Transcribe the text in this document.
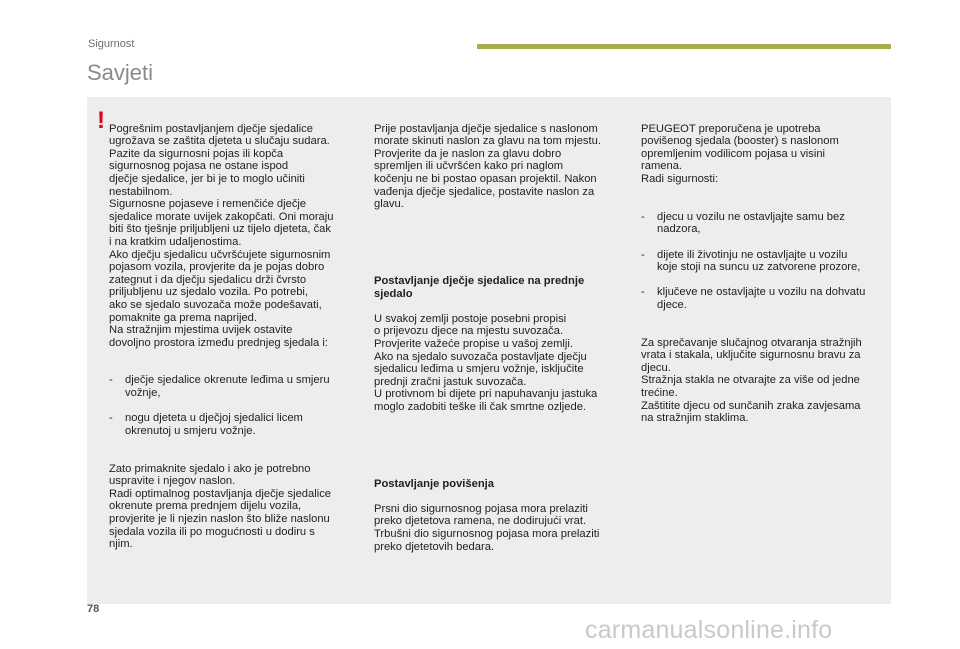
Sigurnost
Savjeti
! Pogrešnim postavljanjem dječje sjedalice
ugrožava se zaštita djeteta u slučaju sudara.
Pazite da sigurnosni pojas ili kopča
sigurnosnog pojasa ne ostane ispod
dječje sjedalice, jer bi je to moglo učiniti
nestabilnom.
Sigurnosne pojaseve i remenčiće dječje
sjedalice morate uvijek zakopčati. Oni moraju
biti što tješnje priljubljeni uz tijelo djeteta, čak
i na kratkim udaljenostima.
Ako dječju sjedalicu učvršćujete sigurnosnim
pojasom vozila, provjerite da je pojas dobro
zategnut i da dječju sjedalicu drži čvrsto
priljubljenu uz sjedalo vozila. Po potrebi,
ako se sjedalo suvozača može podešavati,
pomaknite ga prema naprijed.
Na stražnjim mjestima uvijek ostavite
dovoljno prostora između prednjeg sjedala i:

- dječje sjedalice okrenute leđima u smjeru
vožnje,

- nogu djeteta u dječjoj sjedalici licem
okrenutoj u smjeru vožnje.

Zato primaknite sjedalo i ako je potrebno
uspravite i njegov naslon.
Radi optimalnog postavljanja dječje sjedalice
okrenute prema prednjem dijelu vozila,
provjerite je li njezin naslon što bliže naslonu
sjedala vozila ili po mogućnosti u dodiru s
njim.

Prije postavljanja dječje sjedalice s naslonom
morate skinuti naslon za glavu na tom mjestu.
Provjerite da je naslon za glavu dobro
spremljen ili učvršćen kako pri naglom
kočenju ne bi postao opasan projektil. Nakon
vađenja dječje sjedalice, postavite naslon za
glavu.

Postavljanje dječje sjedalice na prednje
sjedalo

U svakoj zemlji postoje posebni propisi
o prijevozu djece na mjestu suvozača.
Provjerite važeće propise u vašoj zemlji.
Ako na sjedalo suvozača postavljate dječju
sjedalicu leđima u smjeru vožnje, isključite
prednji zračni jastuk suvozača.
U protivnom bi dijete pri napuhavanju jastuka
moglo zadobiti teške ili čak smrtne ozljede.

Postavljanje povišenja

Prsni dio sigurnosnog pojasa mora prelaziti
preko djetetova ramena, ne dodirujući vrat.
Trbušni dio sigurnosnog pojasa mora prelaziti
preko djetetovih bedara.

PEUGEOT preporučena je upotreba
povišenog sjedala (booster) s naslonom
opremljenim vodilicom pojasa u visini
ramena.
Radi sigurnosti:

- djecu u vozilu ne ostavljajte samu bez
nadzora,

- dijete ili životinju ne ostavljajte u vozilu
koje stoji na suncu uz zatvorene prozore,

- ključeve ne ostavljajte u vozilu na dohvatu
djece.

Za sprečavanje slučajnog otvaranja stražnjih
vrata i stakala, uključite sigurnosnu bravu za
djecu.
Stražnja stakla ne otvarajte za više od jedne
trećine.
Zaštitite djecu od sunčanih zraka zavjesama
na stražnjim staklima.

78
carmanualsonline.info
